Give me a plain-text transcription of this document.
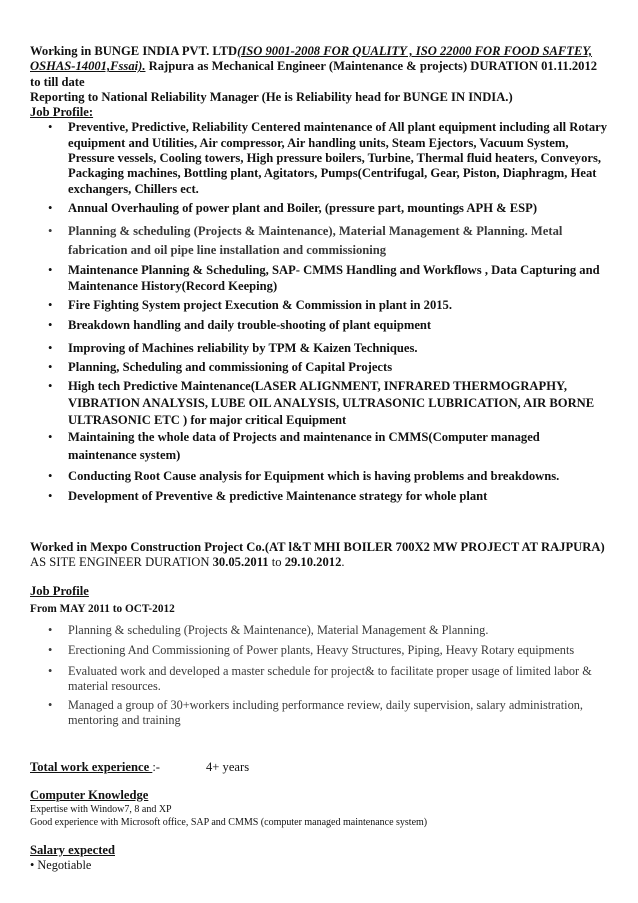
Working in BUNGE INDIA PVT. LTD(ISO 9001-2008 FOR QUALITY , ISO 22000 FOR FOOD SAFTEY, OSHAS-14001,Fssai). Rajpura as Mechanical Engineer (Maintenance & projects) DURATION 01.11.2012 to till date
Reporting to National Reliability Manager (He is Reliability head for BUNGE IN INDIA.)
Job Profile:
• Preventive, Predictive, Reliability Centered maintenance of All plant equipment including all Rotary equipment and Utilities, Air compressor, Air handling units, Steam Ejectors, Vacuum System, Pressure vessels, Cooling towers, High pressure boilers, Turbine, Thermal fluid heaters, Conveyors, Packaging machines, Bottling plant, Agitators, Pumps(Centrifugal, Gear, Piston, Diaphragm, Heat exchangers, Chillers ect.
• Annual Overhauling of power plant and Boiler, (pressure part, mountings APH & ESP)
• Planning & scheduling (Projects & Maintenance), Material Management & Planning. Metal fabrication and oil pipe line installation and commissioning
• Maintenance Planning & Scheduling, SAP- CMMS Handling and Workflows , Data Capturing and Maintenance History(Record Keeping)
• Fire Fighting System project Execution & Commission in plant in 2015.
• Breakdown handling and daily trouble-shooting of plant equipment
• Improving of Machines reliability by TPM & Kaizen Techniques.
• Planning, Scheduling and commissioning of Capital Projects
• High tech Predictive Maintenance(LASER ALIGNMENT, INFRARED THERMOGRAPHY, VIBRATION ANALYSIS, LUBE OIL ANALYSIS, ULTRASONIC LUBRICATION, AIR BORNE ULTRASONIC ETC ) for major critical Equipment
• Maintaining the whole data of Projects and maintenance in CMMS(Computer managed maintenance system)
• Conducting Root Cause analysis for Equipment which is having problems and breakdowns.
• Development of Preventive & predictive Maintenance strategy for whole plant
Worked in Mexpo Construction Project Co.(AT l&T MHI BOILER 700X2 MW PROJECT AT RAJPURA)
AS SITE ENGINEER DURATION 30.05.2011 to 29.10.2012.
Job Profile
From MAY 2011 to OCT-2012
• Planning & scheduling (Projects & Maintenance), Material Management & Planning.
• Erectioning And Commissioning of Power plants, Heavy Structures, Piping, Heavy Rotary equipments
• Evaluated work and developed a master schedule for project& to facilitate proper usage of limited labor & material resources.
• Managed a group of 30+workers including performance review, daily supervision, salary administration, mentoring and training
Total work experience :-	4+ years
Computer Knowledge
Expertise with Window7, 8 and XP
Good experience with Microsoft office, SAP and CMMS (computer managed maintenance system)
Salary expected
• Negotiable
